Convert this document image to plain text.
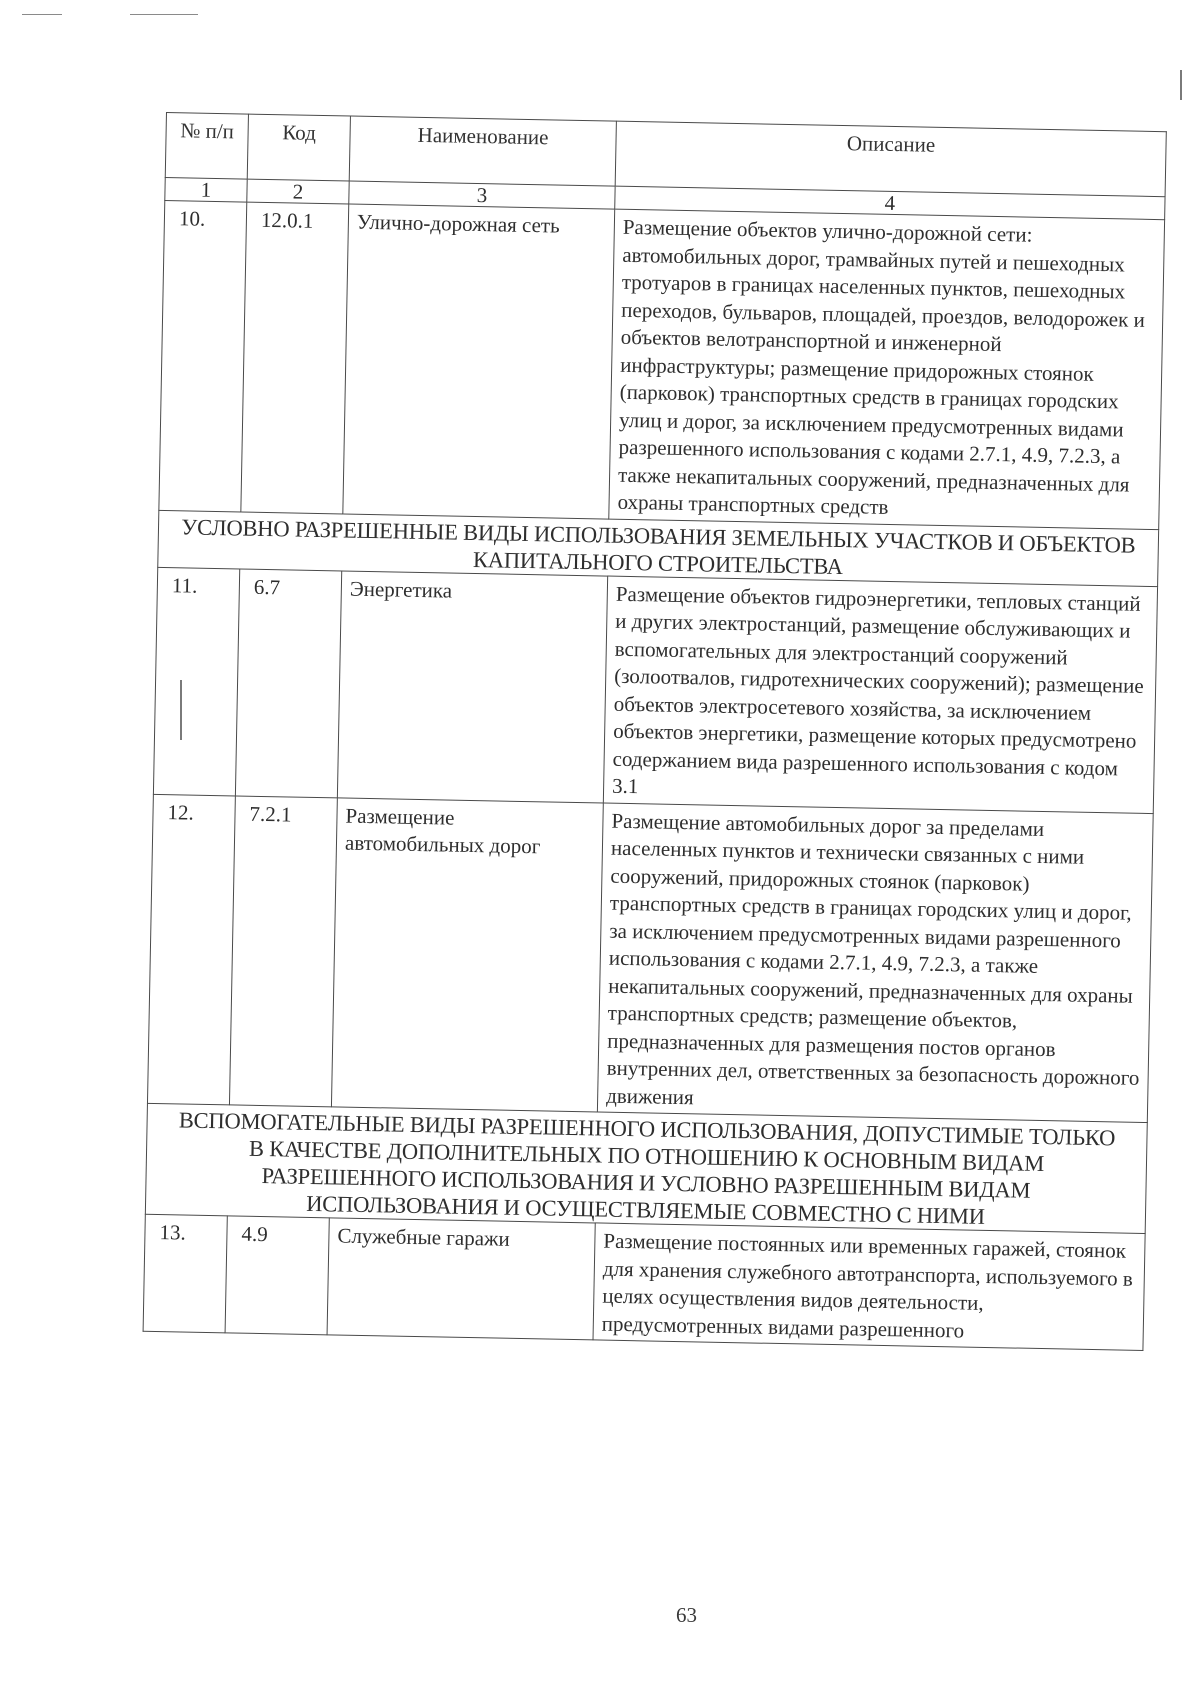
№ п/п	Код	Наименование	Описание
1	2	3	4
10.	12.0.1	Улично-дорожная сеть	Размещение объектов улично-дорожной сети: автомобильных дорог, трамвайных путей и пешеходных тротуаров в границах населенных пунктов, пешеходных переходов, бульваров, площадей, проездов, велодорожек и объектов велотранспортной и инженерной инфраструктуры; размещение придорожных стоянок (парковок) транспортных средств в границах городских улиц и дорог, за исключением предусмотренных видами разрешенного использования с кодами 2.7.1, 4.9, 7.2.3, а также некапитальных сооружений, предназначенных для охраны транспортных средств
УСЛОВНО РАЗРЕШЕННЫЕ ВИДЫ ИСПОЛЬЗОВАНИЯ ЗЕМЕЛЬНЫХ УЧАСТКОВ И ОБЪЕКТОВ КАПИТАЛЬНОГО СТРОИТЕЛЬСТВА			
11.	6.7	Энергетика	Размещение объектов гидроэнергетики, тепловых станций и других электростанций, размещение обслуживающих и вспомогательных для электростанций сооружений (золоотвалов, гидротехнических сооружений); размещение объектов электросетевого хозяйства, за исключением объектов энергетики, размещение которых предусмотрено содержанием вида разрешенного использования с кодом 3.1
12.	7.2.1	Размещение автомобильных дорог	Размещение автомобильных дорог за пределами населенных пунктов и технически связанных с ними сооружений, придорожных стоянок (парковок) транспортных средств в границах городских улиц и дорог, за исключением предусмотренных видами разрешенного использования с кодами 2.7.1, 4.9, 7.2.3, а также некапитальных сооружений, предназначенных для охраны транспортных средств; размещение объектов, предназначенных для размещения постов органов внутренних дел, ответственных за безопасность дорожного движения
ВСПОМОГАТЕЛЬНЫЕ ВИДЫ РАЗРЕШЕННОГО ИСПОЛЬЗОВАНИЯ, ДОПУСТИМЫЕ ТОЛЬКО В КАЧЕСТВЕ ДОПОЛНИТЕЛЬНЫХ ПО ОТНОШЕНИЮ К ОСНОВНЫМ ВИДАМ РАЗРЕШЕННОГО ИСПОЛЬЗОВАНИЯ И УСЛОВНО РАЗРЕШЕННЫМ ВИДАМ ИСПОЛЬЗОВАНИЯ И ОСУЩЕСТВЛЯЕМЫЕ СОВМЕСТНО С НИМИ			
13.	4.9	Служебные гаражи	Размещение постоянных или временных гаражей, стоянок для хранения служебного автотранспорта, используемого в целях осуществления видов деятельности, предусмотренных видами разрешенного
63
